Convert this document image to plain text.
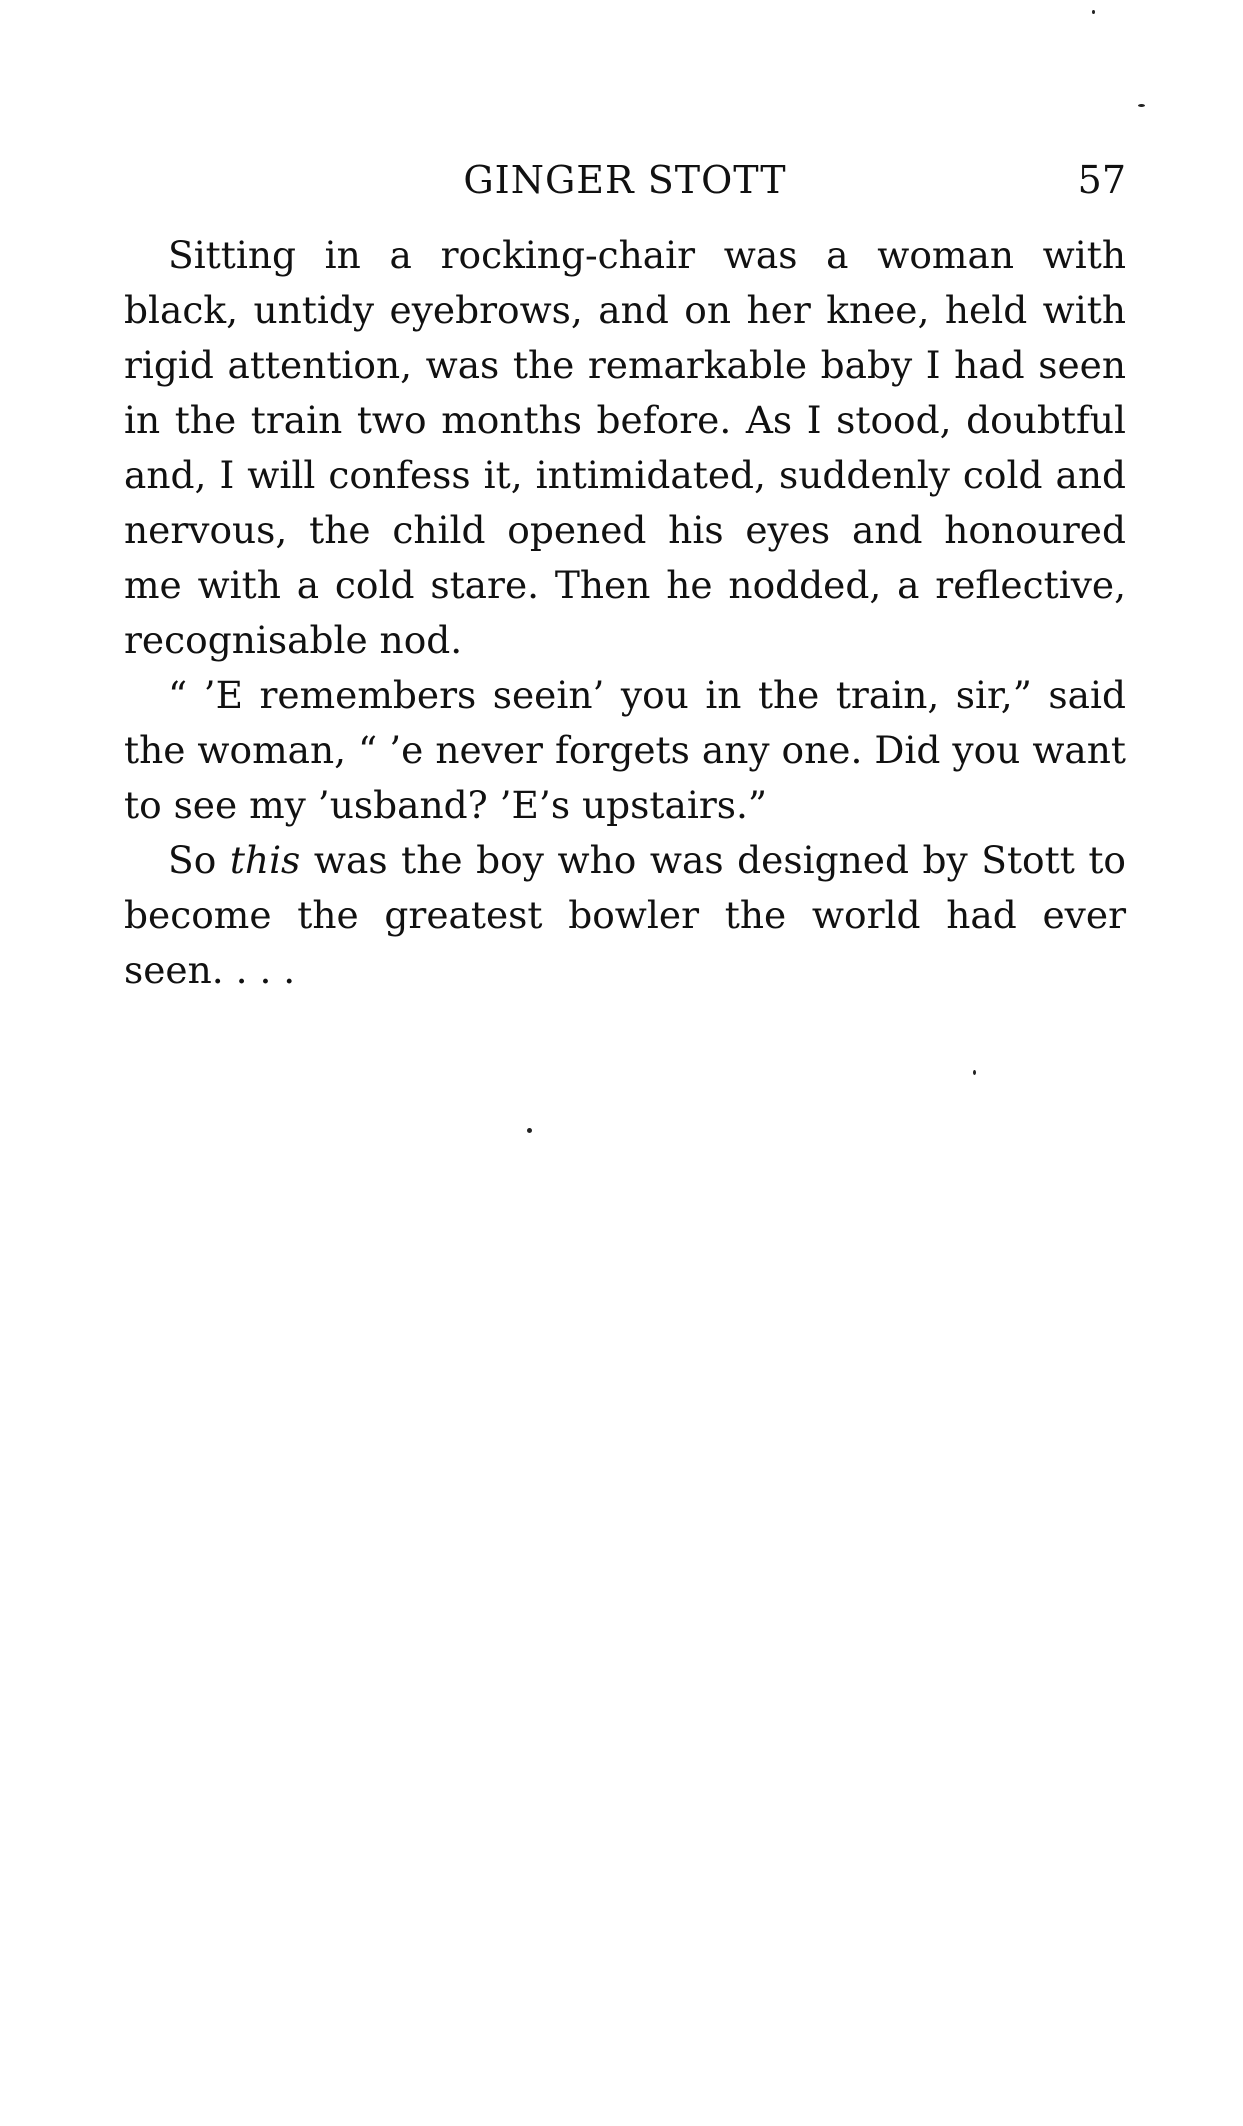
GINGER STOTT	57

Sitting in a rocking-chair was a woman with black, untidy eyebrows, and on her knee, held with rigid attention, was the remarkable baby I had seen in the train two months before. As I stood, doubtful and, I will confess it, intimidated, suddenly cold and nervous, the child opened his eyes and honoured me with a cold stare. Then he nodded, a reflective, recognisable nod.

“ ’E remembers seein’ you in the train, sir,” said the woman, “ ’e never forgets any one. Did you want to see my ’usband? ’E’s upstairs.”

So this was the boy who was designed by Stott to become the greatest bowler the world had ever seen. . . .
